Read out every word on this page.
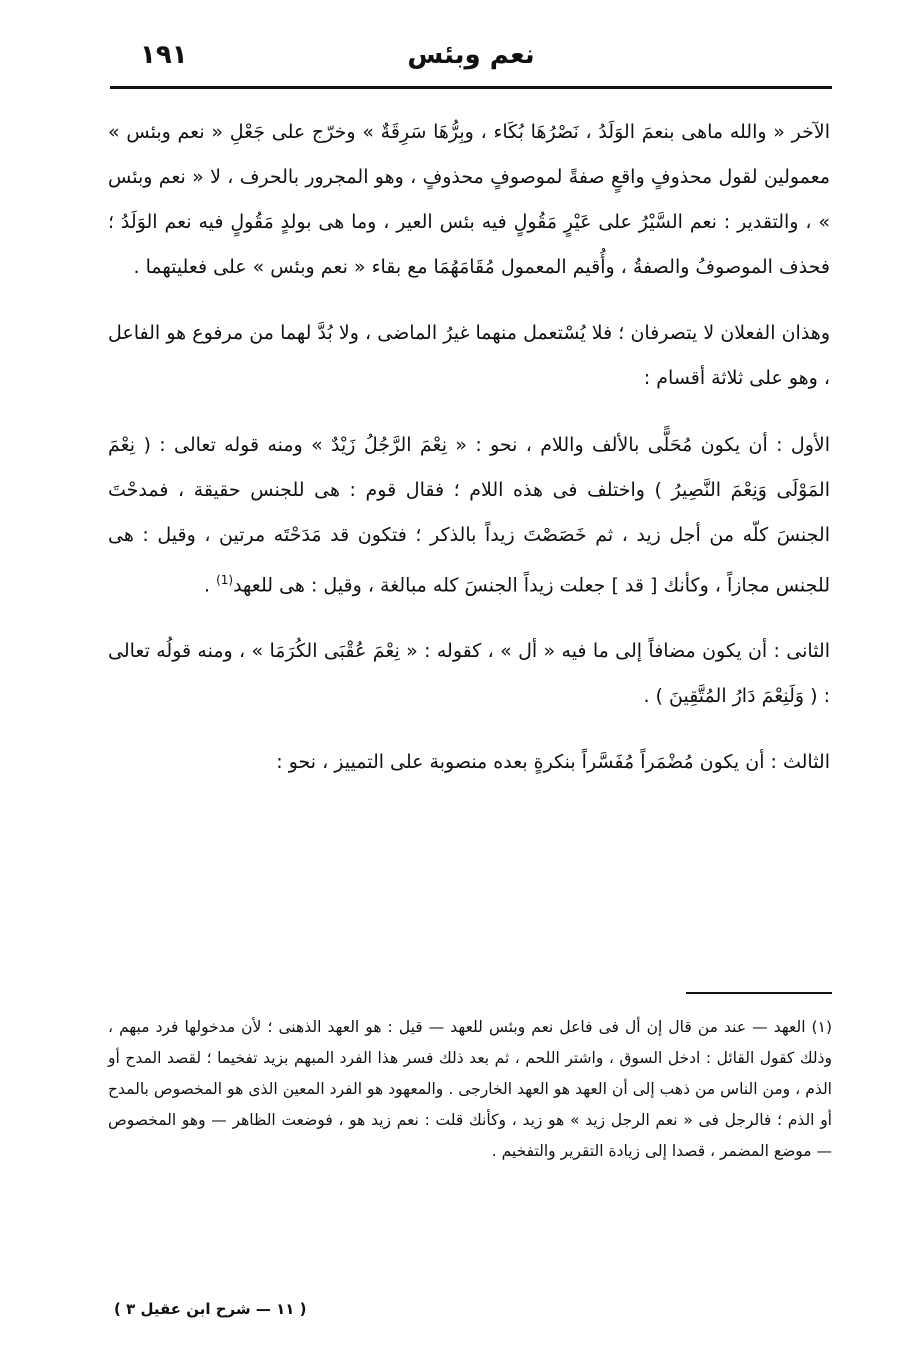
١٩١	نعم وبئس

الآخر « والله ماهى بنعمَ الوَلَدُ ، نَصْرُهَا بُكَاء ، وبِرُّهَا سَرِقَةٌ » وخرّج على جَعْلِ « نعم وبئس » معمولين لقول محذوفٍ واقعٍ صفةً لموصوفٍ محذوفٍ ، وهو المجرور بالحرف ، لا « نعم وبئس » ، والتقدير : نعم السَّيْرُ على عَيْرٍ مَقُولٍ فيه بئس العير ، وما هى بولدٍ مَقُولٍ فيه نعم الوَلَدُ ؛ فحذف الموصوفُ والصفةُ ، وأُقيم المعمول مُقَامَهُمَا مع بقاء « نعم وبئس » على فعليتهما .

وهذان الفعلان لا يتصرفان ؛ فلا يُسْتعمل منهما غيرُ الماضى ، ولا بُدَّ لهما من مرفوع هو الفاعل ، وهو على ثلاثة أقسام :

الأول : أن يكون مُحَلًّى بالألف واللام ، نحو : « نِعْمَ الرَّجُلُ زَيْدٌ » ومنه قوله تعالى : ( نِعْمَ المَوْلَى وَنِعْمَ النَّصِيرُ ) واختلف فى هذه اللام ؛ فقال قوم : هى للجنس حقيقة ، فمدحْتَ الجنسَ كلّه من أجل زيد ، ثم خَصَصْتَ زيداً بالذكر ؛ فتكون قد مَدَحْتَه مرتين ، وقيل : هى للجنس مجازاً ، وكأنك [ قد ] جعلت زيداً الجنسَ كله مبالغة ، وقيل : هى للعهد$^{(1)}$ .

الثانى : أن يكون مضافاً إلى ما فيه « أل » ، كقوله : « نِعْمَ عُقْبَى الكُرَمَا » ، ومنه قولُه تعالى : ( وَلَنِعْمَ دَارُ المُتَّقِينَ ) .

الثالث : أن يكون مُضْمَراً مُفَسَّراً بنكرةٍ بعده منصوبة على التمييز ، نحو :

(١) العهد — عند من قال إن أل فى فاعل نعم وبئس للعهد — قيل : هو العهد الذهنى ؛ لأن مدخولها فرد مبهم ، وذلك كقول القائل : ادخل السوق ، واشتر اللحم ، ثم بعد ذلك فسر هذا الفرد المبهم بزيد تفخيما ؛ لقصد المدح أو الذم ، ومن الناس من ذهب إلى أن العهد هو العهد الخارجى . والمعهود هو الفرد المعين الذى هو المخصوص بالمدح أو الذم ؛ فالرجل فى « نعم الرجل زيد » هو زيد ، وكأنك قلت : نعم زيد هو ، فوضعت الظاهر — وهو المخصوص — موضع المضمر ، قصدا إلى زيادة التقرير والتفخيم .

( ١١ — شرح ابن عقيل ٣ )
